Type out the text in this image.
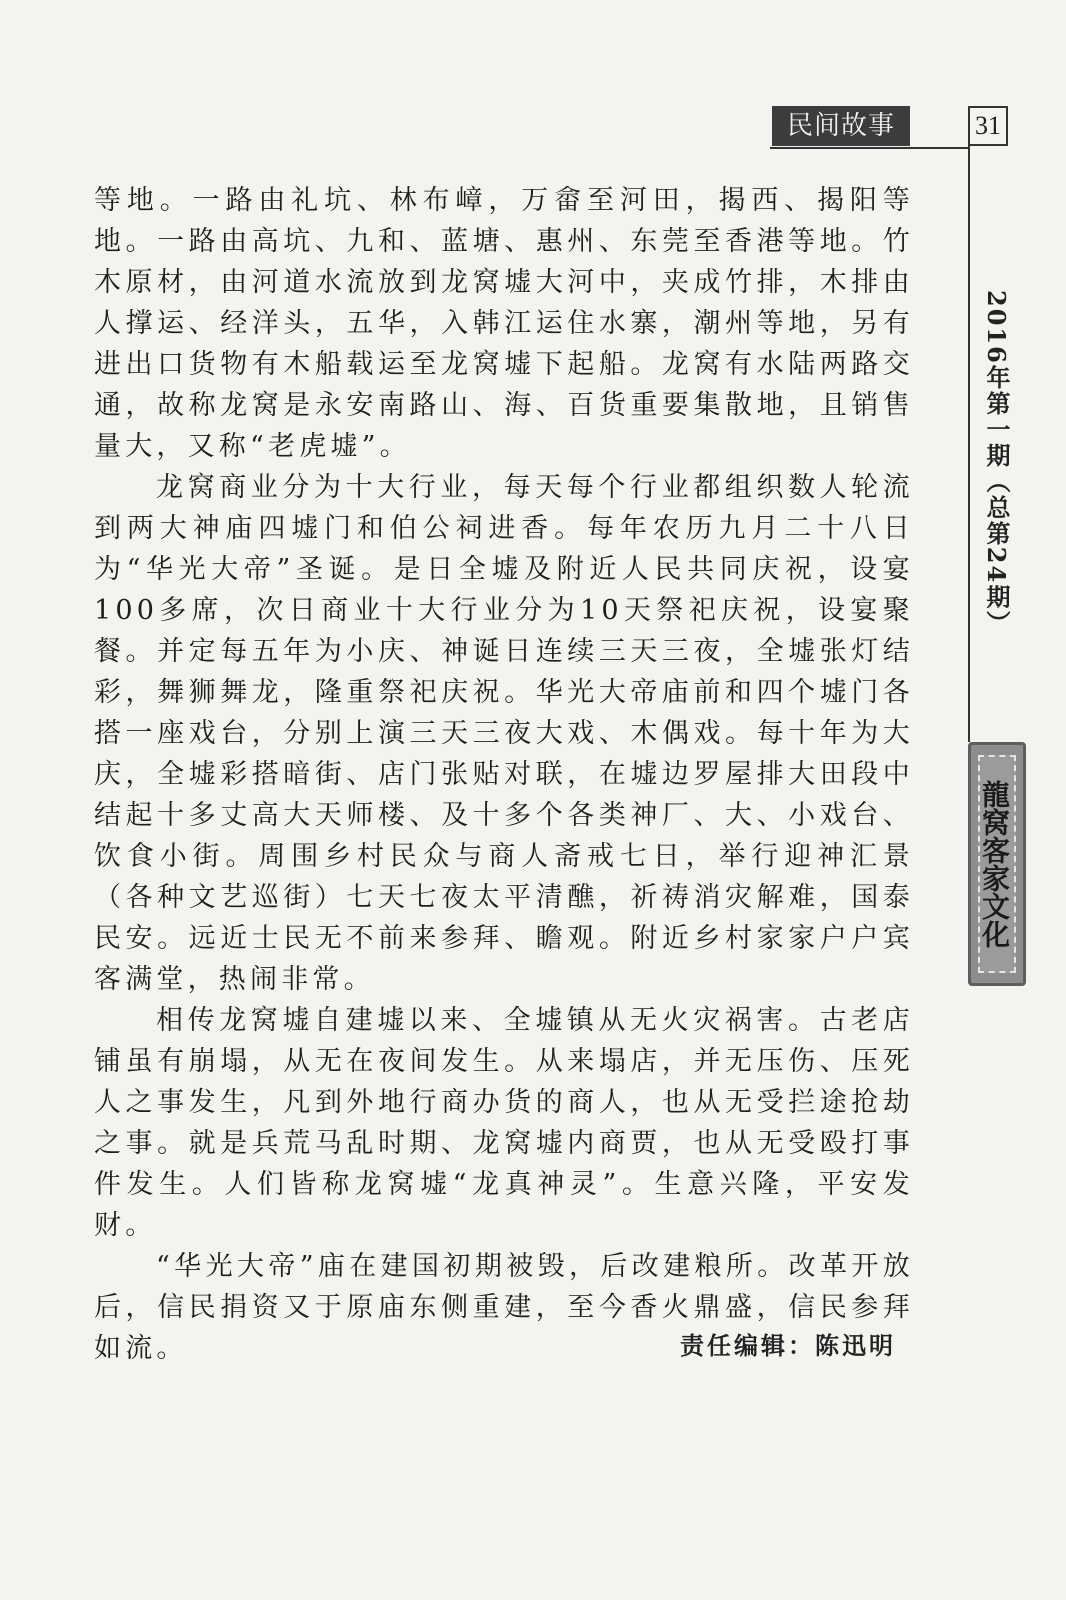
民间故事	31
2016年第一期（总第24期）
龍窝客家文化

等地。一路由礼坑、林布嶂，万畲至河田，揭西、揭阳等地。一路由高坑、九和、蓝塘、惠州、东莞至香港等地。竹木原材，由河道水流放到龙窝墟大河中，夹成竹排，木排由人撑运、经洋头，五华，入韩江运住水寨，潮州等地，另有进出口货物有木船载运至龙窝墟下起船。龙窝有水陆两路交通，故称龙窝是永安南路山、海、百货重要集散地，且销售量大，又称“老虎墟”。

龙窝商业分为十大行业，每天每个行业都组织数人轮流到两大神庙四墟门和伯公祠进香。每年农历九月二十八日为“华光大帝”圣诞。是日全墟及附近人民共同庆祝，设宴100多席，次日商业十大行业分为10天祭祀庆祝，设宴聚餐。并定每五年为小庆、神诞日连续三天三夜，全墟张灯结彩，舞狮舞龙，隆重祭祀庆祝。华光大帝庙前和四个墟门各搭一座戏台，分别上演三天三夜大戏、木偶戏。每十年为大庆，全墟彩搭暗街、店门张贴对联，在墟边罗屋排大田段中结起十多丈高大天师楼、及十多个各类神厂、大、小戏台、饮食小街。周围乡村民众与商人斋戒七日，举行迎神汇景（各种文艺巡街）七天七夜太平清醮，祈祷消灾解难，国泰民安。远近士民无不前来参拜、瞻观。附近乡村家家户户宾客满堂，热闹非常。

相传龙窝墟自建墟以来、全墟镇从无火灾祸害。古老店铺虽有崩塌，从无在夜间发生。从来塌店，并无压伤、压死人之事发生，凡到外地行商办货的商人，也从无受拦途抢劫之事。就是兵荒马乱时期、龙窝墟内商贾，也从无受殴打事件发生。人们皆称龙窝墟“龙真神灵”。生意兴隆，平安发财。

“华光大帝”庙在建国初期被毁，后改建粮所。改革开放后，信民捐资又于原庙东侧重建，至今香火鼎盛，信民参拜如流。	责任编辑：陈迅明
